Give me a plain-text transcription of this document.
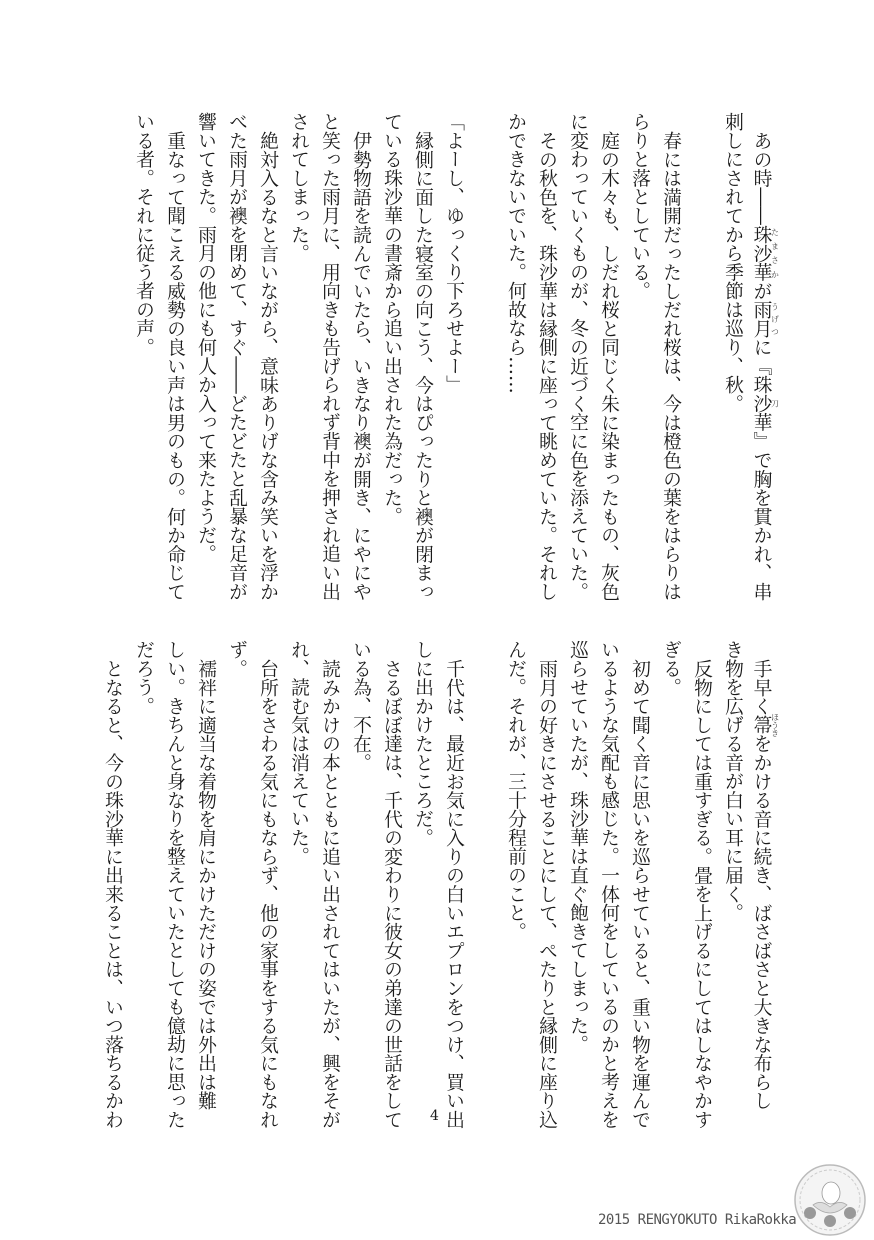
あの時――珠沙華 たまさかが雨月 うげつに『珠沙華 刀』で胸を貫かれ、串
刺しにされてから季節は巡り、秋。
春には満開だったしだれ桜は、今は橙色の葉をはらりは
らりと落としている。
庭の木々も、しだれ桜と同じく朱に染まったもの、灰色
に変わっていくものが、冬の近づく空に色を添えていた。
その秋色を、珠沙華は縁側に座って眺めていた。それし
かできないでいた。何故なら……
「よーし、ゆっくり下ろせよー」
縁側に面した寝室の向こう、今はぴったりと襖が閉まっ
ている珠沙華の書斎から追い出された為だった。
伊勢物語を読んでいたら、いきなり襖が開き、にやにや
と笑った雨月に、用向きも告げられず背中を押され追い出
されてしまった。
絶対入るなと言いながら、意味ありげな含み笑いを浮か
べた雨月が襖を閉めて、すぐ――どたどたと乱暴な足音が
響いてきた。雨月の他にも何人か入って来たようだ。
重なって聞こえる威勢の良い声は男のもの。何か命じて
いる者。それに従う者の声。
手早く箒 ほうきをかける音に続き、ばさばさと大きな布らし
き物を広げる音が白い耳に届く。
反物にしては重すぎる。畳を上げるにしてはしなやかす
ぎる。
初めて聞く音に思いを巡らせていると、重い物を運んで
いるような気配も感じた。一体何をしているのかと考えを
巡らせていたが、珠沙華は直ぐ飽きてしまった。
雨月の好きにさせることにして、ぺたりと縁側に座り込
んだ。それが、三十分程前のこと。
千代は、最近お気に入りの白いエプロンをつけ、買い出
しに出かけたところだ。
さるぼぼ達は、千代の変わりに彼女の弟達の世話をして
いる為、不在。
読みかけの本とともに追い出されてはいたが、興をそが
れ、読む気は消えていた。
台所をさわる気にもならず、他の家事をする気にもなれ
ず。
襦袢に適当な着物を肩にかけただけの姿では外出は難
しい。きちんと身なりを整えていたとしても億劫に思った
だろう。
となると、今の珠沙華に出来ることは、いつ落ちるかわ	4
2015 RENGYOKUTO RikaRokka
